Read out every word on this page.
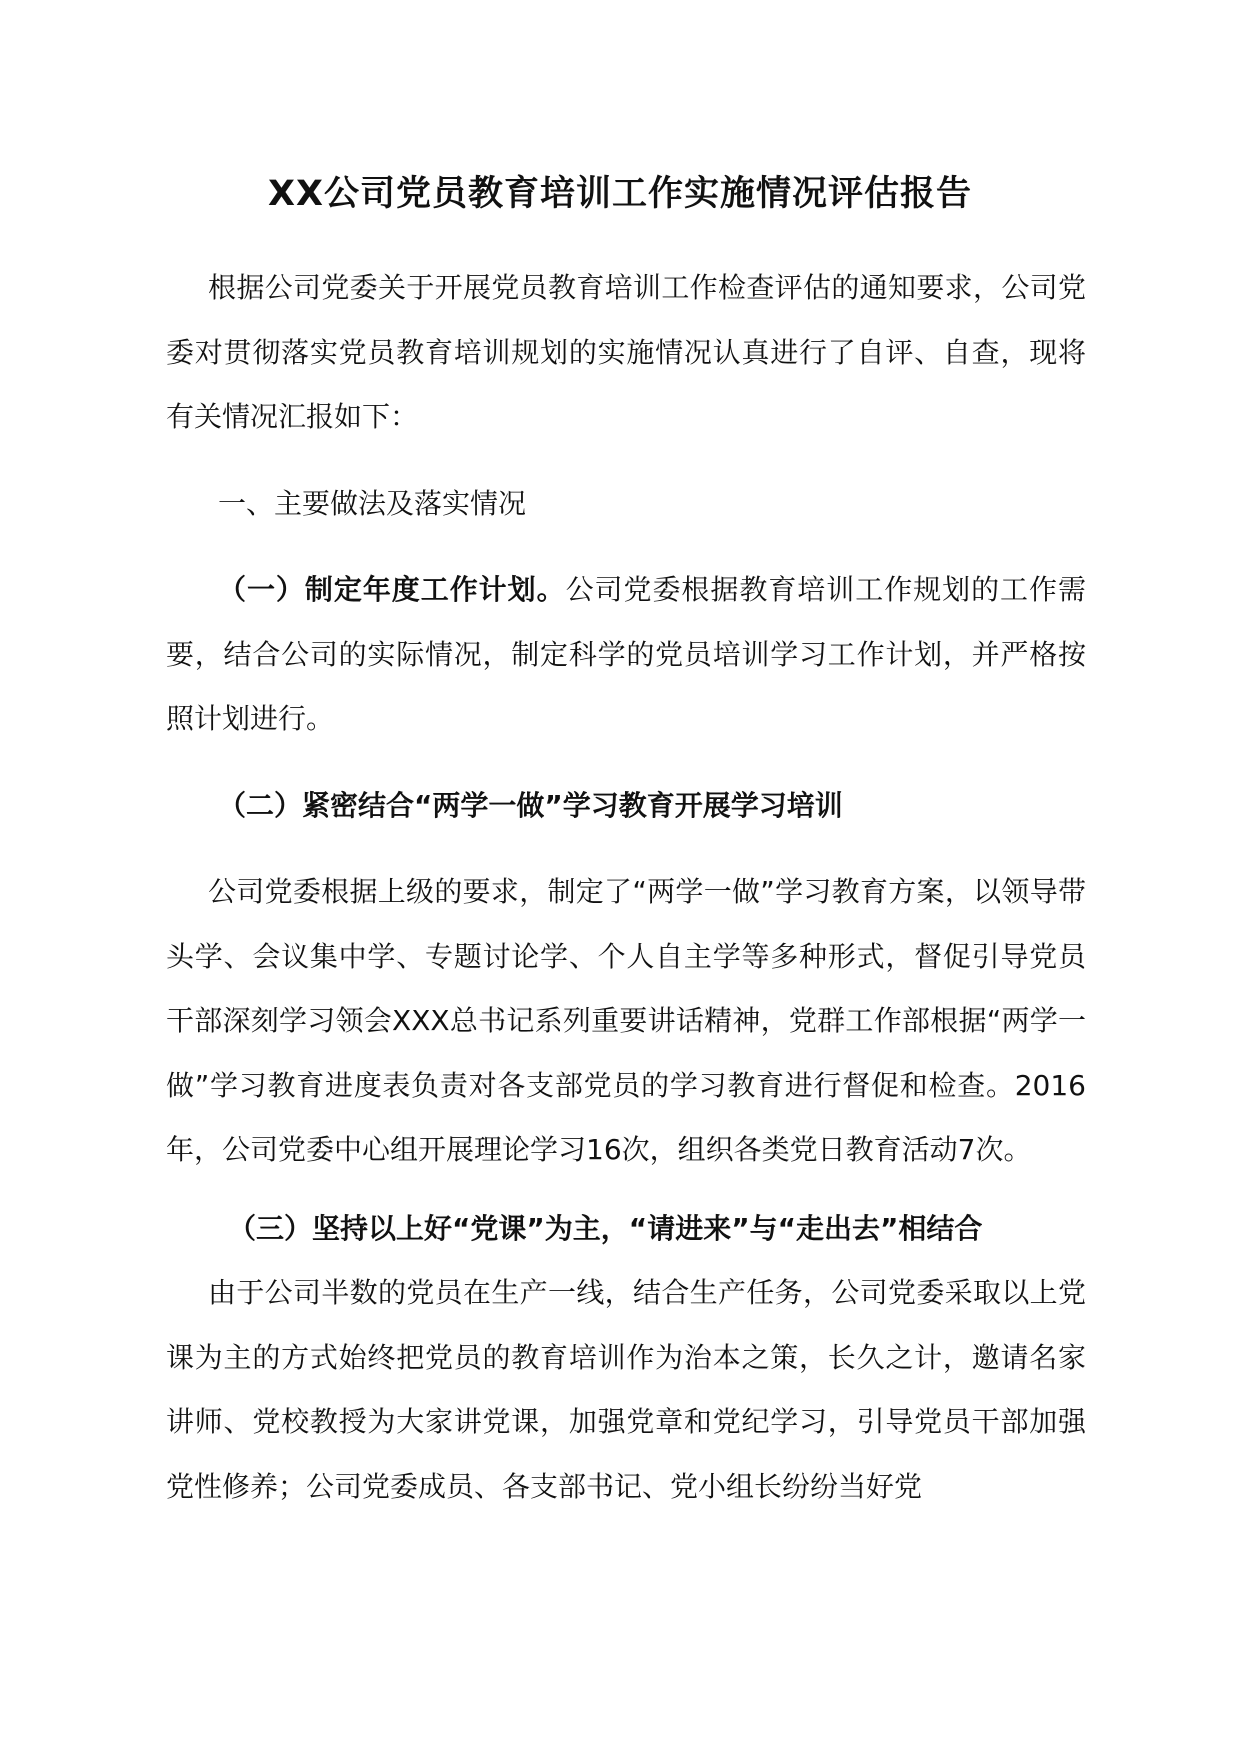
XX公司党员教育培训工作实施情况评估报告

根据公司党委关于开展党员教育培训工作检查评估的通知要求，公司党委对贯彻落实党员教育培训规划的实施情况认真进行了自评、自查，现将有关情况汇报如下：

一、主要做法及落实情况

（一）制定年度工作计划。公司党委根据教育培训工作规划的工作需要，结合公司的实际情况，制定科学的党员培训学习工作计划，并严格按照计划进行。

（二）紧密结合“两学一做”学习教育开展学习培训

公司党委根据上级的要求，制定了“两学一做”学习教育方案，以领导带头学、会议集中学、专题讨论学、个人自主学等多种形式，督促引导党员干部深刻学习领会XXX总书记系列重要讲话精神，党群工作部根据“两学一做”学习教育进度表负责对各支部党员的学习教育进行督促和检查。2016年，公司党委中心组开展理论学习16次，组织各类党日教育活动7次。

（三）坚持以上好“党课”为主，“请进来”与“走出去”相结合

由于公司半数的党员在生产一线，结合生产任务，公司党委采取以上党课为主的方式始终把党员的教育培训作为治本之策，长久之计，邀请名家讲师、党校教授为大家讲党课，加强党章和党纪学习，引导党员干部加强党性修养；公司党委成员、各支部书记、党小组长纷纷当好党
